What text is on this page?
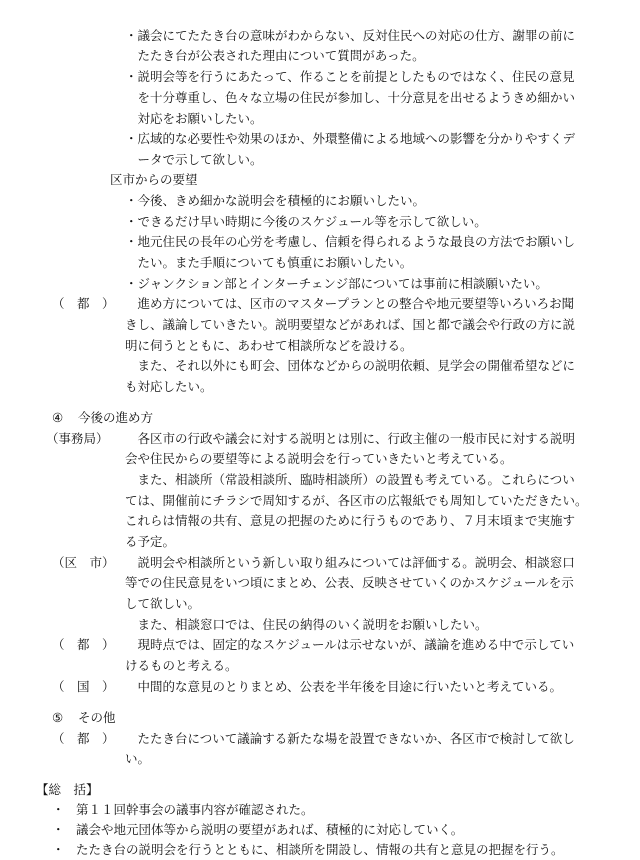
・議会にてたたき台の意味がわからない、反対住民への対応の仕方、謝罪の前に
　たたき台が公表された理由について質問があった。
・説明会等を行うにあたって、作ることを前提としたものではなく、住民の意見
　を十分尊重し、色々な立場の住民が参加し、十分意見を出せるようきめ細かい
　対応をお願いしたい。
・広域的な必要性や効果のほか、外環整備による地域への影響を分かりやすくデ
　ータで示して欲しい。
区市からの要望
・今後、きめ細かな説明会を積極的にお願いしたい。
・できるだけ早い時期に今後のスケジュール等を示して欲しい。
・地元住民の長年の心労を考慮し、信頼を得られるような最良の方法でお願いし
　たい。また手順についても慎重にお願いしたい。
・ジャンクション部とインターチェンジ部については事前に相談願いたい。
（　都　） 　進め方については、区市のマスタープランとの整合や地元要望等いろいろお聞
きし、議論していきたい。説明要望などがあれば、国と都で議会や行政の方に説
明に伺うとともに、あわせて相談所などを設ける。
　また、それ以外にも町会、団体などからの説明依頼、見学会の開催希望などに
も対応したい。
④ 今後の進め方
（事務局） 　各区市の行政や議会に対する説明とは別に、行政主催の一般市民に対する説明
会や住民からの要望等による説明会を行っていきたいと考えている。
　また、相談所（常設相談所、臨時相談所）の設置も考えている。これらについ
ては、開催前にチラシで周知するが、各区市の広報紙でも周知していただきたい。
これらは情報の共有、意見の把握のために行うものであり、７月末頃まで実施す
る予定。
（区　市） 　説明会や相談所という新しい取り組みについては評価する。説明会、相談窓口
等での住民意見をいつ頃にまとめ、公表、反映させていくのかスケジュールを示
して欲しい。
　また、相談窓口では、住民の納得のいく説明をお願いしたい。
（　都　） 　現時点では、固定的なスケジュールは示せないが、議論を進める中で示してい
けるものと考える。
（　国　） 　中間的な意見のとりまとめ、公表を半年後を目途に行いたいと考えている。
⑤ その他
（　都　） 　たたき台について議論する新たな場を設置できないか、各区市で検討して欲し
い。
【総　括】
・ 第１１回幹事会の議事内容が確認された。
・ 議会や地元団体等から説明の要望があれば、積極的に対応していく。
・ たたき台の説明会を行うとともに、相談所を開設し、情報の共有と意見の把握を行う。
